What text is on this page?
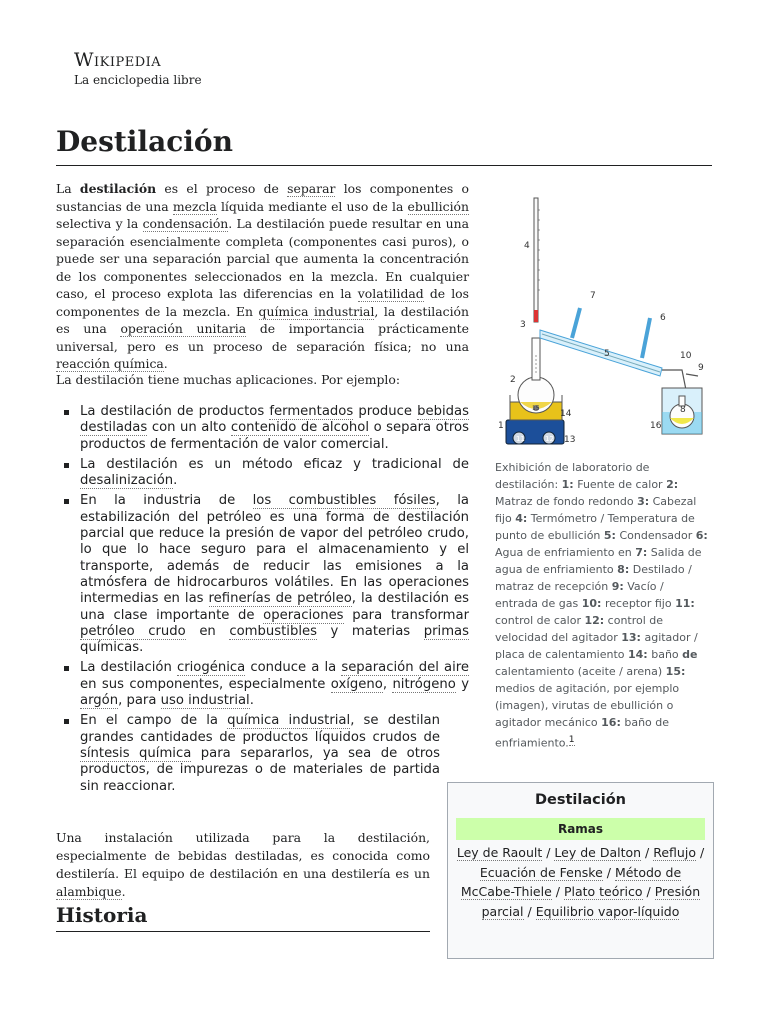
Wikipedia
La enciclopedia libre
Destilación
La destilación es el proceso de separar los componentes o sustancias de una mezcla líquida mediante el uso de la ebullición selectiva y la condensación. La destilación puede resultar en una separación esencialmente completa (componentes casi puros), o puede ser una separación parcial que aumenta la concentración de los componentes seleccionados en la mezcla. En cualquier caso, el proceso explota las diferencias en la volatilidad de los componentes de la mezcla. En química industrial, la destilación es una operación unitaria de importancia prácticamente universal, pero es un proceso de separación física; no una reacción química.
La destilación tiene muchas aplicaciones. Por ejemplo:
La destilación de productos fermentados produce bebidas destiladas con un alto contenido de alcohol o separa otros productos de fermentación de valor comercial.
La destilación es un método eficaz y tradicional de desalinización.
En la industria de los combustibles fósiles, la estabilización del petróleo es una forma de destilación parcial que reduce la presión de vapor del petróleo crudo, lo que lo hace seguro para el almacenamiento y el transporte, además de reducir las emisiones a la atmósfera de hidrocarburos volátiles. En las operaciones intermedias en las refinerías de petróleo, la destilación es una clase importante de operaciones para transformar petróleo crudo en combustibles y materias primas químicas.
La destilación criogénica conduce a la separación del aire en sus componentes, especialmente oxígeno, nitrógeno y argón, para uso industrial.
En el campo de la química industrial, se destilan grandes cantidades de productos líquidos crudos de síntesis química para separarlos, ya sea de otros productos, de impurezas o de materiales de partida sin reaccionar.
Una instalación utilizada para la destilación, especialmente de bebidas destiladas, es conocida como destilería. El equipo de destilación en una destilería es un alambique.
Historia
1
2
3
4
5
6
7
8
9
10
11	12 13
14
15
16
Exhibición de laboratorio de destilación: 1: Fuente de calor 2: Matraz de fondo redondo 3: Cabezal fijo 4: Termómetro / Temperatura de punto de ebullición 5: Condensador 6: Agua de enfriamiento en 7: Salida de agua de enfriamiento 8: Destilado / matraz de recepción 9: Vacío / entrada de gas 10: receptor fijo 11: control de calor 12: control de velocidad del agitador 13: agitador / placa de calentamiento 14: baño de calentamiento (aceite / arena) 15: medios de agitación, por ejemplo (imagen), virutas de ebullición o agitador mecánico 16: baño de enfriamiento.$^1$
Destilación
Ramas
Ley de Raoult / Ley de Dalton / Reflujo / Ecuación de Fenske / Método de McCabe-Thiele / Plato teórico / Presión parcial / Equilibrio vapor-líquido
